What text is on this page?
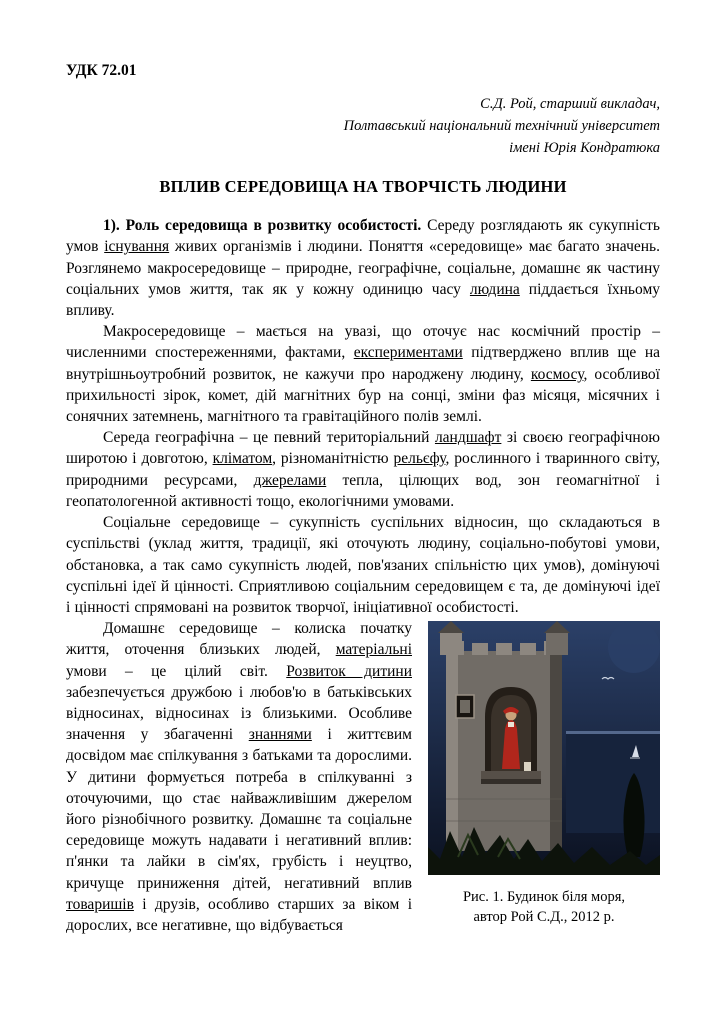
УДК 72.01
С.Д. Рой, старший викладач,
Полтавський національний технічний університет
імені Юрія Кондратюка
ВПЛИВ СЕРЕДОВИЩА НА ТВОРЧІСТЬ ЛЮДИНИ

1). Роль середовища в розвитку особистості. Середу розглядають як сукупність умов існування живих організмів і людини. Поняття «середовище» має багато значень. Розглянемо макросередовище – природне, географічне, соціальне, домашнє як частину соціальних умов життя, так як у кожну одиницю часу людина піддається їхньому впливу.

Макросередовище – мається на увазі, що оточує нас космічний простір – численними спостереженнями, фактами, експериментами підтверджено вплив ще на внутрішньоутробний розвиток, не кажучи про народжену людину, космосу, особливої прихильності зірок, комет, дій магнітних бур на сонці, зміни фаз місяця, місячних і сонячних затемнень, магнітного та гравітаційного полів землі.

Середа географічна – це певний територіальний ландшафт зі своєю географічною широтою і довготою, кліматом, різноманітністю рельєфу, рослинного і тваринного світу, природними ресурсами, джерелами тепла, цілющих вод, зон геомагнітної і геопатологенной активності тощо, екологічними умовами.

Соціальне середовище – сукупність суспільних відносин, що складаються в суспільстві (уклад життя, традиції, які оточують людину, соціально-побутові умови, обстановка, а так само сукупність людей, пов'язаних спільністю цих умов), домінуючі суспільні ідеї й цінності. Сприятливою соціальним середовищем є та, де домінуючі ідеї і цінності спрямовані на розвиток творчої, ініціативної особистості.

Рис. 1. Будинок біля моря,
автор Рой С.Д., 2012 р.

Домашнє середовище – колиска початку життя, оточення близьких людей, матеріальні умови – це цілий світ. Розвиток дитини забезпечується дружбою і любов'ю в батьківських відносинах, відносинах із близькими. Особливе значення у збагаченні знаннями і життєвим досвідом має спілкування з батьками та дорослими. У дитини формується потреба в спілкуванні з оточуючими, що стає найважливішим джерелом його різнобічного розвитку. Домашнє та соціальне середовище можуть надавати і негативний вплив: п'янки та лайки в сім'ях, грубість і неуцтво, кричуще приниження дітей, негативний вплив товаришів і друзів, особливо старших за віком і дорослих, все негативне, що відбувається
